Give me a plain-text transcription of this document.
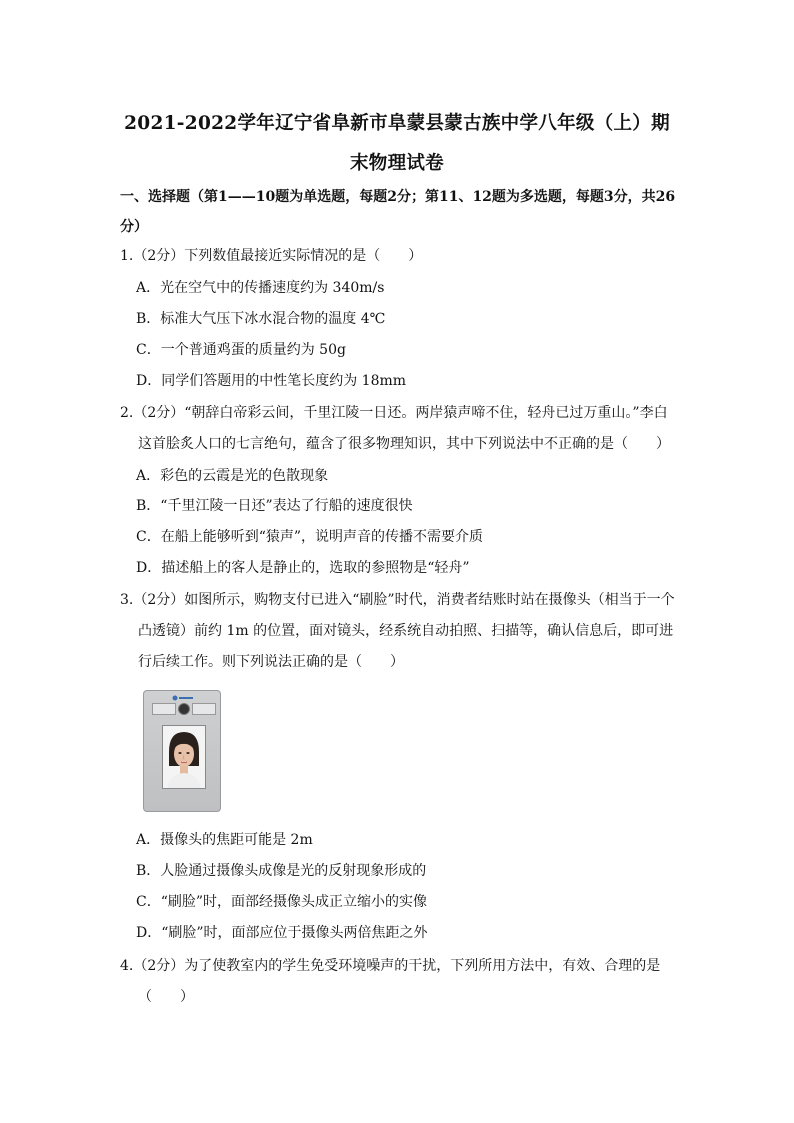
2021-2022学年辽宁省阜新市阜蒙县蒙古族中学八年级（上）期
末物理试卷
一、选择题（第1——10题为单选题，每题2分；第11、12题为多选题，每题3分，共26分）
1.（2分）下列数值最接近实际情况的是（　　）
A．光在空气中的传播速度约为 340m/s
B．标准大气压下冰水混合物的温度 4℃
C．一个普通鸡蛋的质量约为 50g
D．同学们答题用的中性笔长度约为 18mm
2.（2分）“朝辞白帝彩云间，千里江陵一日还。两岸猿声啼不住，轻舟已过万重山。”李白这首脍炙人口的七言绝句，蕴含了很多物理知识，其中下列说法中不正确的是（　　）
A．彩色的云霞是光的色散现象
B．“千里江陵一日还”表达了行船的速度很快
C．在船上能够听到“猿声”，说明声音的传播不需要介质
D．描述船上的客人是静止的，选取的参照物是“轻舟”
3.（2分）如图所示，购物支付已进入“刷脸”时代，消费者结账时站在摄像头（相当于一个凸透镜）前约 1m 的位置，面对镜头，经系统自动拍照、扫描等，确认信息后，即可进行后续工作。则下列说法正确的是（　　）
A．摄像头的焦距可能是 2m
B．人脸通过摄像头成像是光的反射现象形成的
C．“刷脸”时，面部经摄像头成正立缩小的实像
D．“刷脸”时，面部应位于摄像头两倍焦距之外
4.（2分）为了使教室内的学生免受环境噪声的干扰，下列所用方法中，有效、合理的是（　　）
